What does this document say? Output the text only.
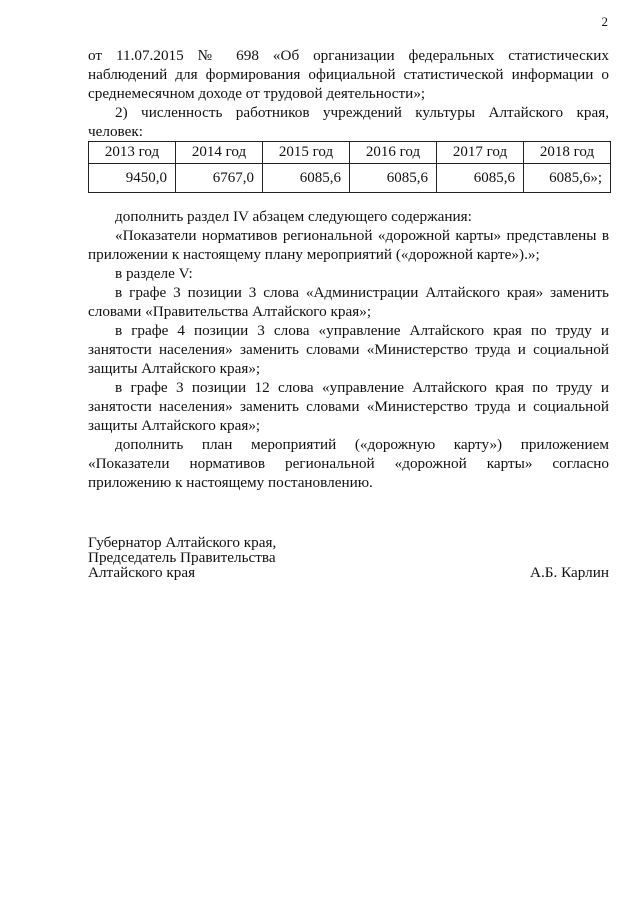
2

от 11.07.2015 № 698 «Об организации федеральных статистических наблюдений для формирования официальной статистической информации о среднемесячном доходе от трудовой деятельности»;

2) численность работников учреждений культуры Алтайского края, человек:

2013 год	2014 год	2015 год	2016 год	2017 год	2018 год
9450,0	6767,0	6085,6	6085,6	6085,6	6085,6»;

дополнить раздел IV абзацем следующего содержания:

«Показатели нормативов региональной «дорожной карты» представлены в приложении к настоящему плану мероприятий («дорожной карте»).»;

в разделе V:

в графе 3 позиции 3 слова «Администрации Алтайского края» заменить словами «Правительства Алтайского края»;

в графе 4 позиции 3 слова «управление Алтайского края по труду и занятости населения» заменить словами «Министерство труда и социальной защиты Алтайского края»;

в графе 3 позиции 12 слова «управление Алтайского края по труду и занятости населения» заменить словами «Министерство труда и социальной защиты Алтайского края»;

дополнить план мероприятий («дорожную карту») приложением «Показатели нормативов региональной «дорожной карты» согласно приложению к настоящему постановлению.

Губернатор Алтайского края,
Председатель Правительства
Алтайского края	А.Б. Карлин
